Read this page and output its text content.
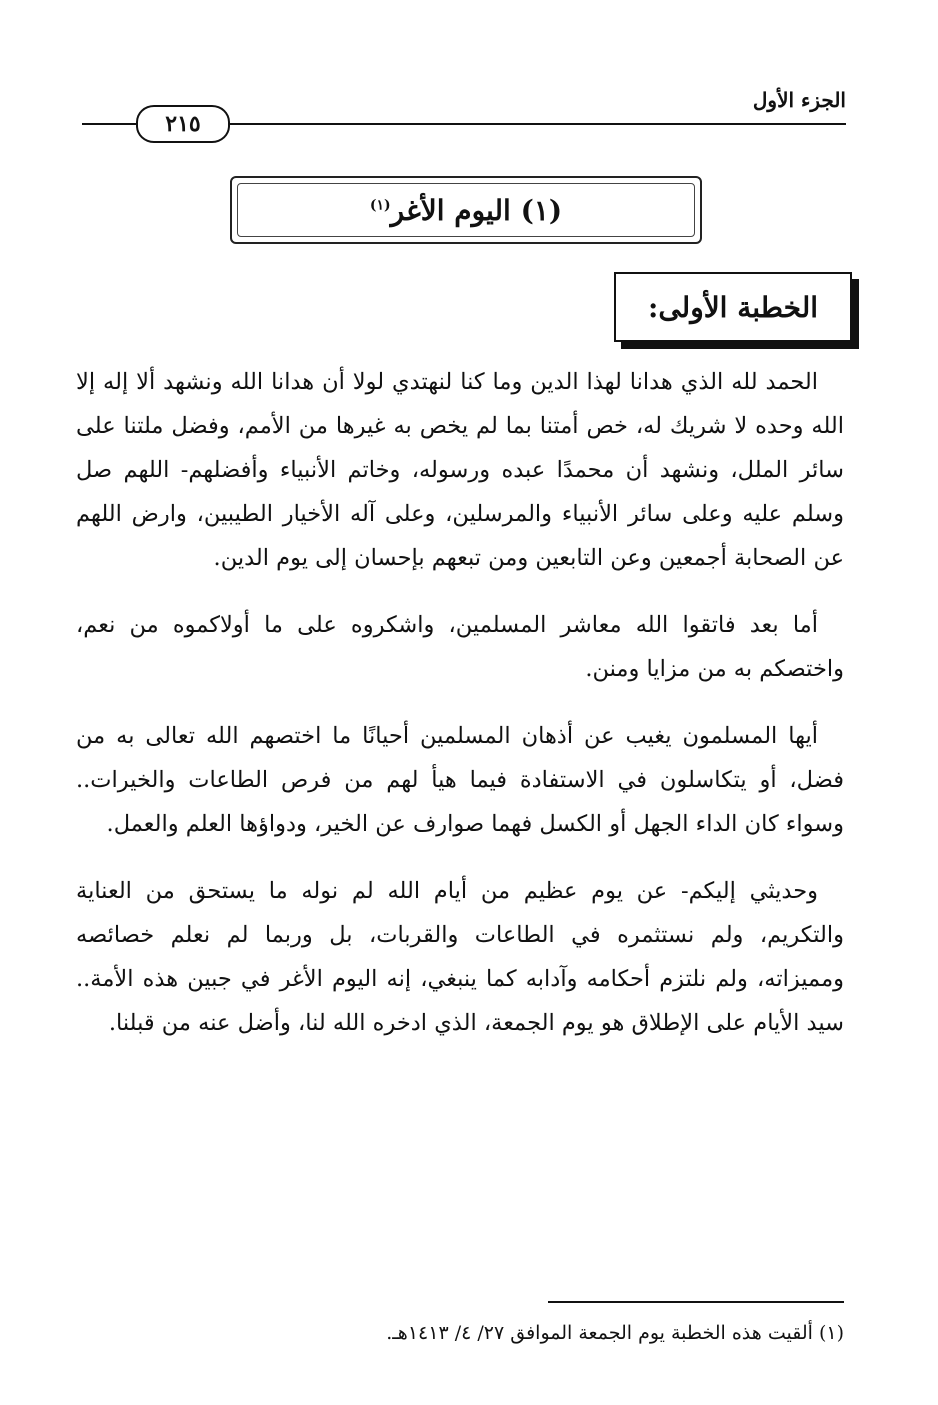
الجزء الأول
٢١٥
(١) اليوم الأغر$^{(١)}$
الخطبة الأولى:

الحمد لله الذي هدانا لهذا الدين وما كنا لنهتدي لولا أن هدانا الله ونشهد ألا إله إلا الله وحده لا شريك له، خص أمتنا بما لم يخص به غيرها من الأمم، وفضل ملتنا على سائر الملل، ونشهد أن محمدًا عبده ورسوله، وخاتم الأنبياء وأفضلهم- اللهم صل وسلم عليه وعلى سائر الأنبياء والمرسلين، وعلى آله الأخيار الطيبين، وارض اللهم عن الصحابة أجمعين وعن التابعين ومن تبعهم بإحسان إلى يوم الدين.

أما بعد فاتقوا الله معاشر المسلمين، واشكروه على ما أولاكموه من نعم، واختصكم به من مزايا ومنن.

أيها المسلمون يغيب عن أذهان المسلمين أحيانًا ما اختصهم الله تعالى به من فضل، أو يتكاسلون في الاستفادة فيما هيأ لهم من فرص الطاعات والخيرات.. وسواء كان الداء الجهل أو الكسل فهما صوارف عن الخير، ودواؤها العلم والعمل.

وحديثي إليكم- عن يوم عظيم من أيام الله لم نوله ما يستحق من العناية والتكريم، ولم نستثمره في الطاعات والقربات، بل وربما لم نعلم خصائصه ومميزاته، ولم نلتزم أحكامه وآدابه كما ينبغي، إنه اليوم الأغر في جبين هذه الأمة.. سيد الأيام على الإطلاق هو يوم الجمعة، الذي ادخره الله لنا، وأضل عنه من قبلنا.

(١) ألقيت هذه الخطبة يوم الجمعة الموافق ٢٧/ ٤/ ١٤١٣هـ.
